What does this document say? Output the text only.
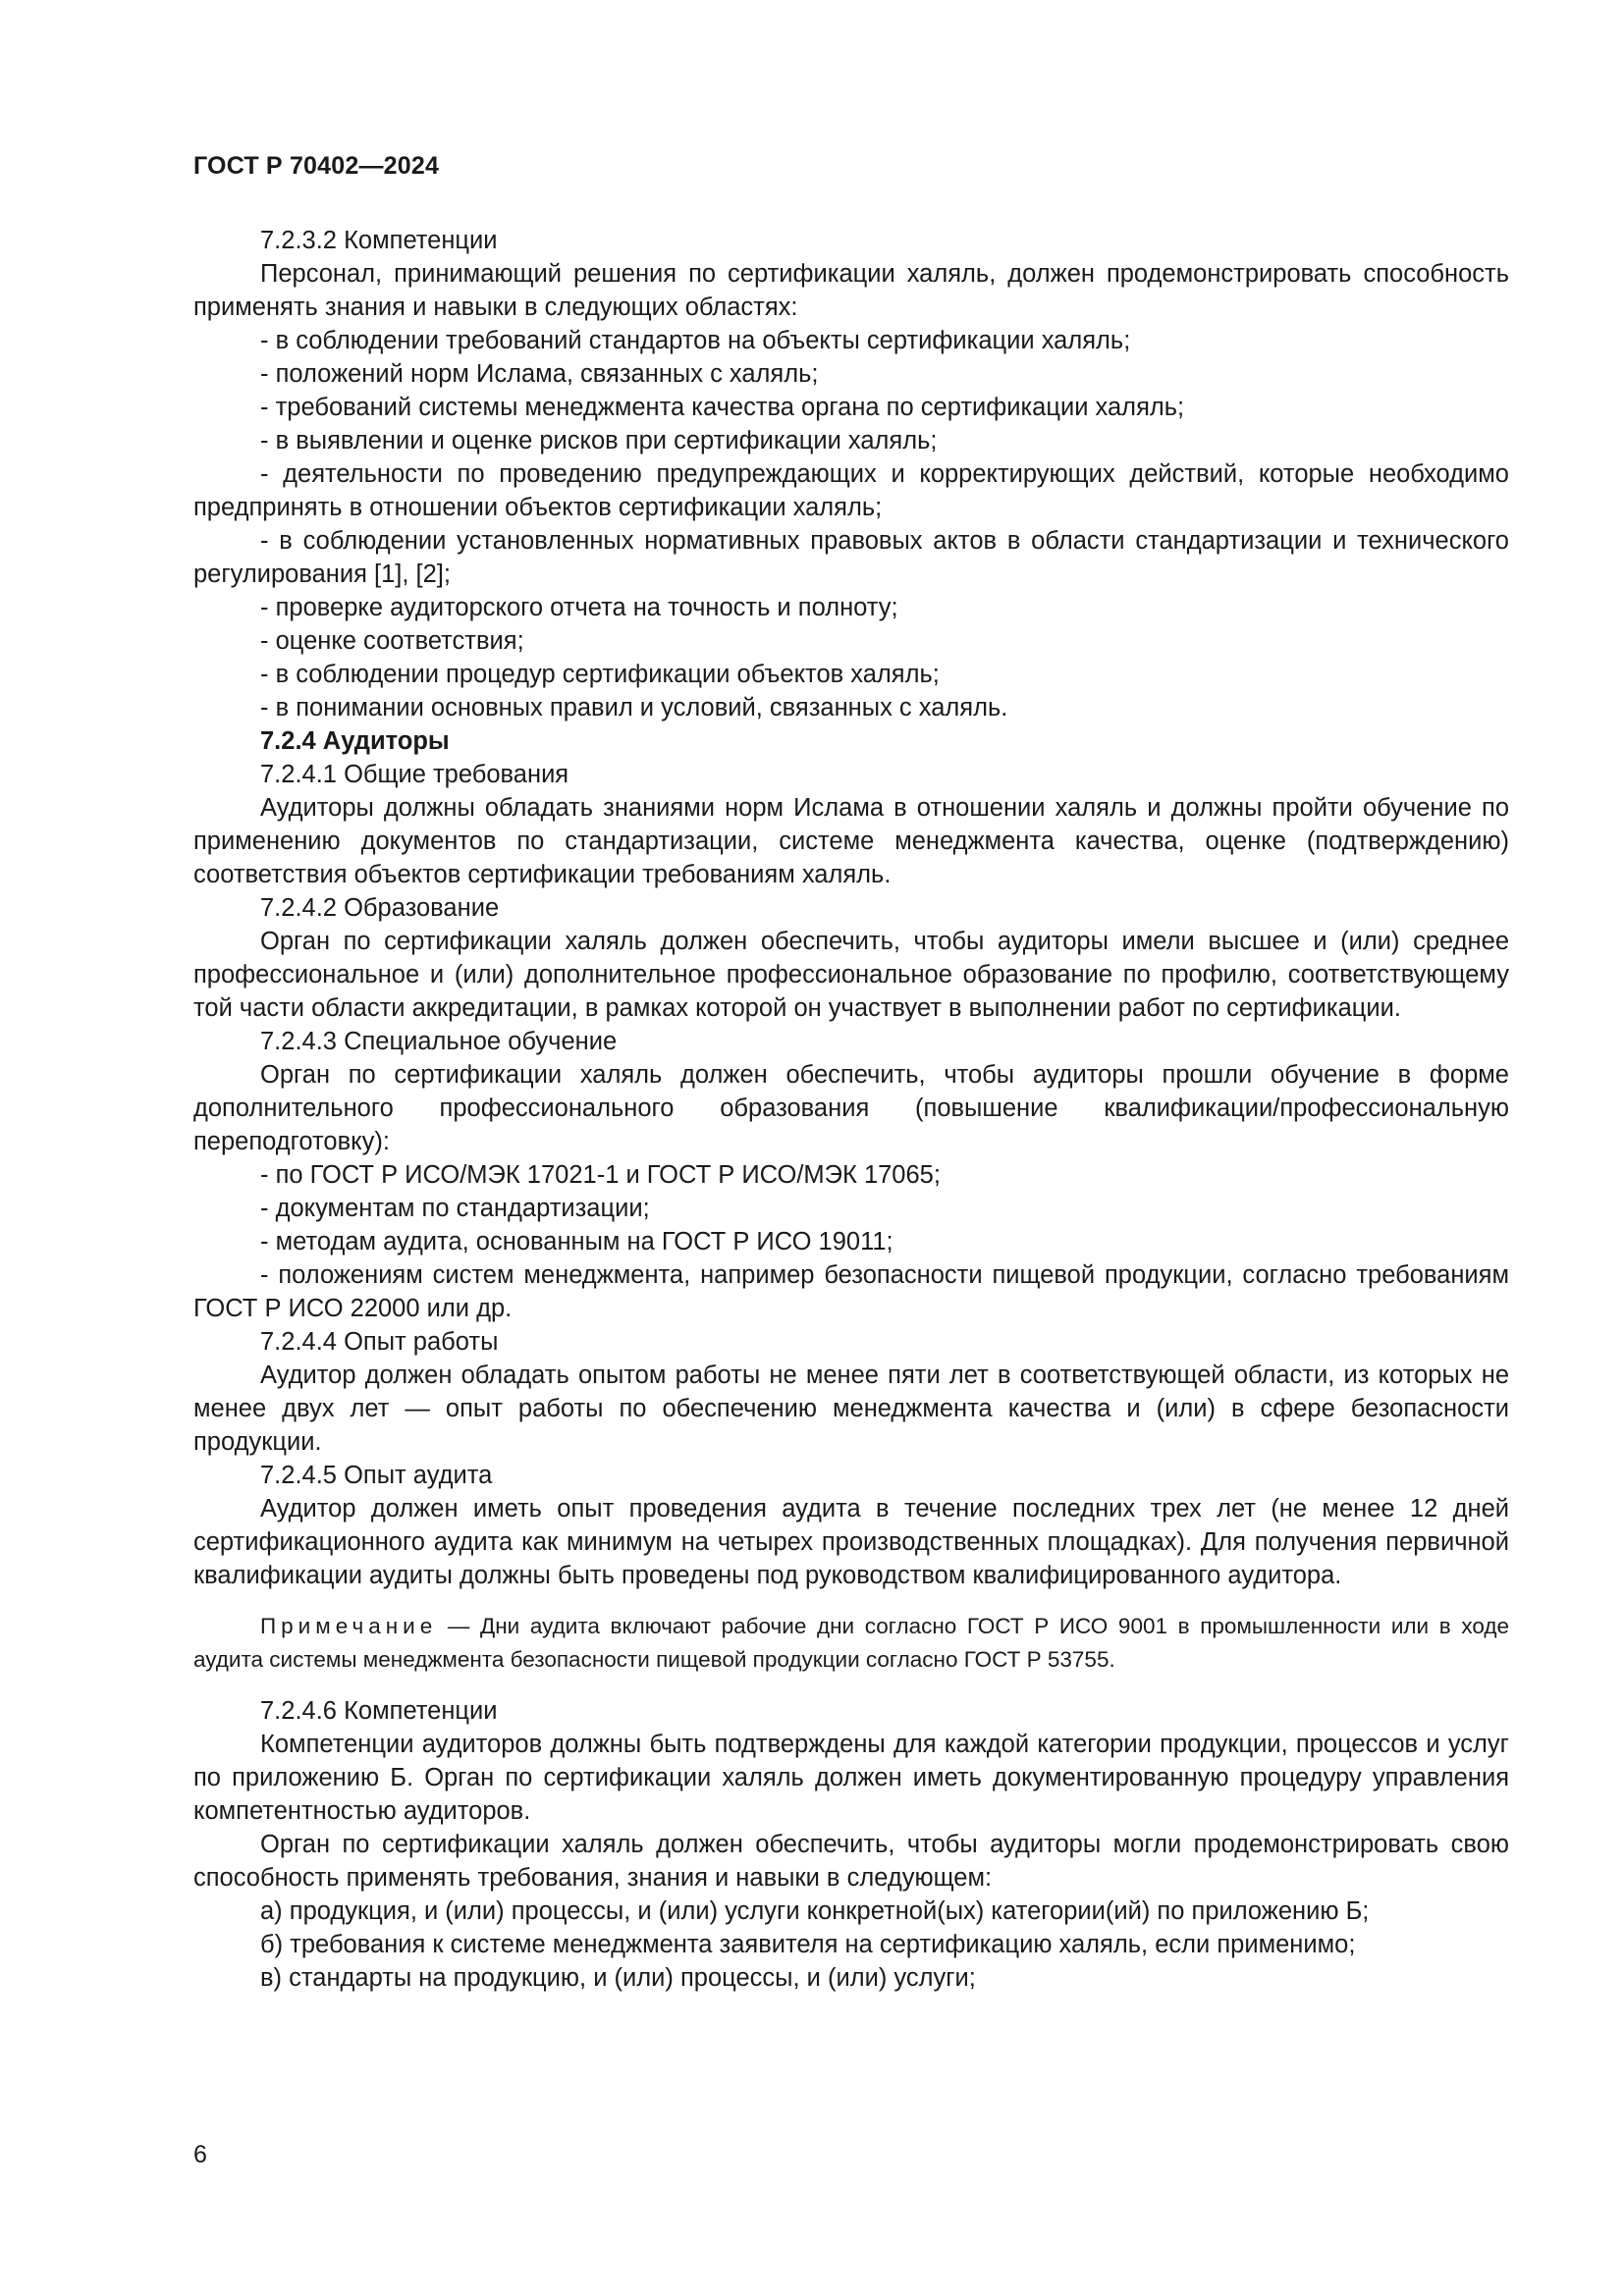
ГОСТ Р 70402—2024

7.2.3.2 Компетенции

Персонал, принимающий решения по сертификации халяль, должен продемонстрировать способность применять знания и навыки в следующих областях:

- в соблюдении требований стандартов на объекты сертификации халяль;

- положений норм Ислама, связанных с халяль;

- требований системы менеджмента качества органа по сертификации халяль;

- в выявлении и оценке рисков при сертификации халяль;

- деятельности по проведению предупреждающих и корректирующих действий, которые необходимо предпринять в отношении объектов сертификации халяль;

- в соблюдении установленных нормативных правовых актов в области стандартизации и технического регулирования [1], [2];

- проверке аудиторского отчета на точность и полноту;

- оценке соответствия;

- в соблюдении процедур сертификации объектов халяль;

- в понимании основных правил и условий, связанных с халяль.

7.2.4 Аудиторы

7.2.4.1 Общие требования

Аудиторы должны обладать знаниями норм Ислама в отношении халяль и должны пройти обучение по применению документов по стандартизации, системе менеджмента качества, оценке (подтверждению) соответствия объектов сертификации требованиям халяль.

7.2.4.2 Образование

Орган по сертификации халяль должен обеспечить, чтобы аудиторы имели высшее и (или) среднее профессиональное и (или) дополнительное профессиональное образование по профилю, соответствующему той части области аккредитации, в рамках которой он участвует в выполнении работ по сертификации.

7.2.4.3 Специальное обучение

Орган по сертификации халяль должен обеспечить, чтобы аудиторы прошли обучение в форме дополнительного профессионального образования (повышение квалификации/профессиональную переподготовку):

- по ГОСТ Р ИСО/МЭК 17021-1 и ГОСТ Р ИСО/МЭК 17065;

- документам по стандартизации;

- методам аудита, основанным на ГОСТ Р ИСО 19011;

- положениям систем менеджмента, например безопасности пищевой продукции, согласно требованиям ГОСТ Р ИСО 22000 или др.

7.2.4.4 Опыт работы

Аудитор должен обладать опытом работы не менее пяти лет в соответствующей области, из которых не менее двух лет — опыт работы по обеспечению менеджмента качества и (или) в сфере безопасности продукции.

7.2.4.5 Опыт аудита

Аудитор должен иметь опыт проведения аудита в течение последних трех лет (не менее 12 дней сертификационного аудита как минимум на четырех производственных площадках). Для получения первичной квалификации аудиты должны быть проведены под руководством квалифицированного аудитора.

Примечание — Дни аудита включают рабочие дни согласно ГОСТ Р ИСО 9001 в промышленности или в ходе аудита системы менеджмента безопасности пищевой продукции согласно ГОСТ Р 53755.

7.2.4.6 Компетенции

Компетенции аудиторов должны быть подтверждены для каждой категории продукции, процессов и услуг по приложению Б. Орган по сертификации халяль должен иметь документированную процедуру управления компетентностью аудиторов.

Орган по сертификации халяль должен обеспечить, чтобы аудиторы могли продемонстрировать свою способность применять требования, знания и навыки в следующем:

а) продукция, и (или) процессы, и (или) услуги конкретной(ых) категории(ий) по приложению Б;

б) требования к системе менеджмента заявителя на сертификацию халяль, если применимо;

в) стандарты на продукцию, и (или) процессы, и (или) услуги;

6
